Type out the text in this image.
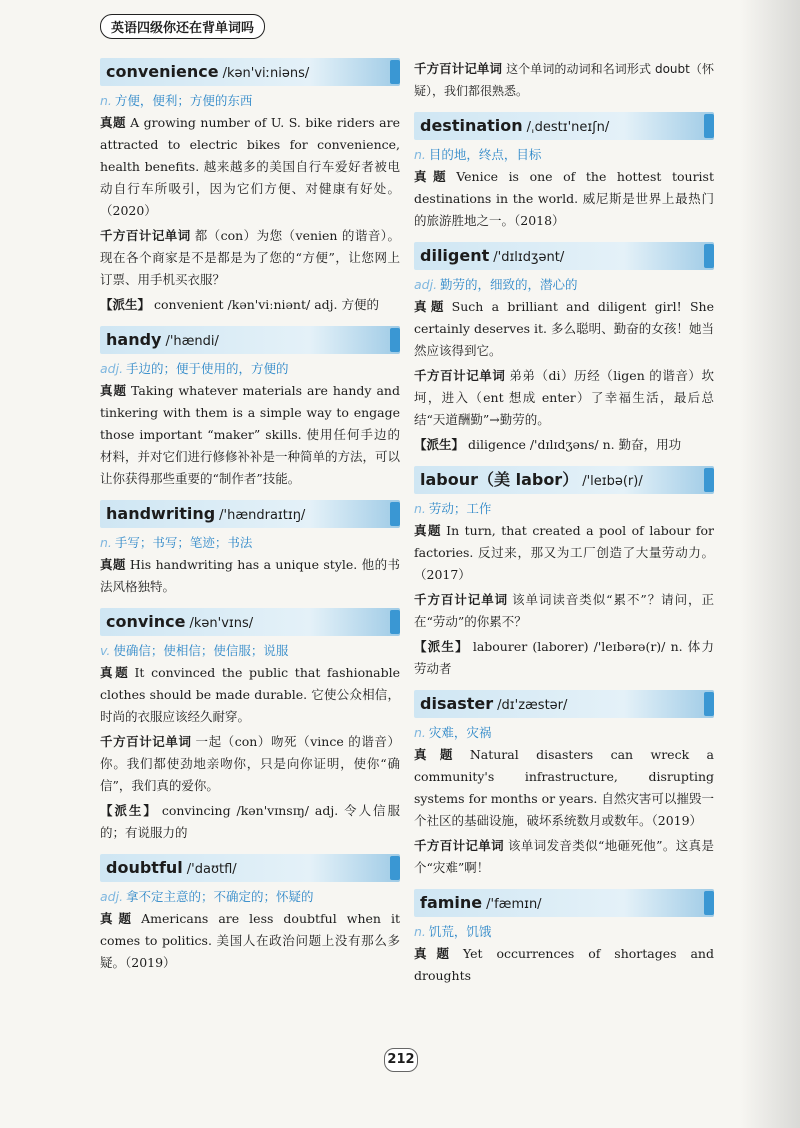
英语四级你还在背单词吗
convenience /kən'viːniəns/
n. 方便，便利；方便的东西

真题 A growing number of U. S. bike riders are attracted to electric bikes for convenience, health benefits. 越来越多的美国自行车爱好者被电动自行车所吸引，因为它们方便、对健康有好处。（2020）

千方百计记单词 都（con）为您（venien 的谐音）。现在各个商家是不是都是为了您的“方便”，让您网上订票、用手机买衣服？

【派生】 convenient /kən'viːniənt/ adj. 方便的

handy /'hændi/
adj. 手边的；便于使用的，方便的

真题 Taking whatever materials are handy and tinkering with them is a simple way to engage those important “maker” skills. 使用任何手边的材料，并对它们进行修修补补是一种简单的方法，可以让你获得那些重要的“制作者”技能。

handwriting /'hændraɪtɪŋ/
n. 手写；书写；笔迹；书法

真题 His handwriting has a unique style. 他的书法风格独特。

convince /kən'vɪns/
v. 使确信；使相信；使信服；说服

真题 It convinced the public that fashionable clothes should be made durable. 它使公众相信，时尚的衣服应该经久耐穿。

千方百计记单词 一起（con）吻死（vince 的谐音）你。我们都使劲地亲吻你，只是向你证明，使你“确信”，我们真的爱你。

【派生】 convincing /kən'vɪnsɪŋ/ adj. 令人信服的；有说服力的

doubtful /'daʊtfl/
adj. 拿不定主意的；不确定的；怀疑的

真题 Americans are less doubtful when it comes to politics. 美国人在政治问题上没有那么多疑。（2019）

千方百计记单词 这个单词的动词和名词形式 doubt（怀疑），我们都很熟悉。

destination /ˌdestɪ'neɪʃn/
n. 目的地，终点，目标

真题 Venice is one of the hottest tourist destinations in the world. 威尼斯是世界上最热门的旅游胜地之一。（2018）

diligent /'dɪlɪdʒənt/
adj. 勤劳的，细致的，潜心的

真题 Such a brilliant and diligent girl! She certainly deserves it. 多么聪明、勤奋的女孩！她当然应该得到它。

千方百计记单词 弟弟（di）历经（ligen 的谐音）坎坷，进入（ent 想成 enter）了幸福生活，最后总结“天道酬勤”→勤劳的。

【派生】 diligence /'dɪlɪdʒəns/ n. 勤奋，用功

labour（美 labor） /'leɪbə(r)/
n. 劳动；工作

真题 In turn, that created a pool of labour for factories. 反过来，那又为工厂创造了大量劳动力。（2017）

千方百计记单词 该单词读音类似“累不”？请问，正在“劳动”的你累不？

【派生】 labourer (laborer) /'leɪbərə(r)/ n. 体力劳动者

disaster /dɪ'zæstər/
n. 灾难，灾祸

真题 Natural disasters can wreck a community's infrastructure, disrupting systems for months or years. 自然灾害可以摧毁一个社区的基础设施，破坏系统数月或数年。（2019）

千方百计记单词 该单词发音类似“地砸死他”。这真是个“灾难”啊！

famine /'fæmɪn/
n. 饥荒，饥饿

真题 Yet occurrences of shortages and droughts

212
